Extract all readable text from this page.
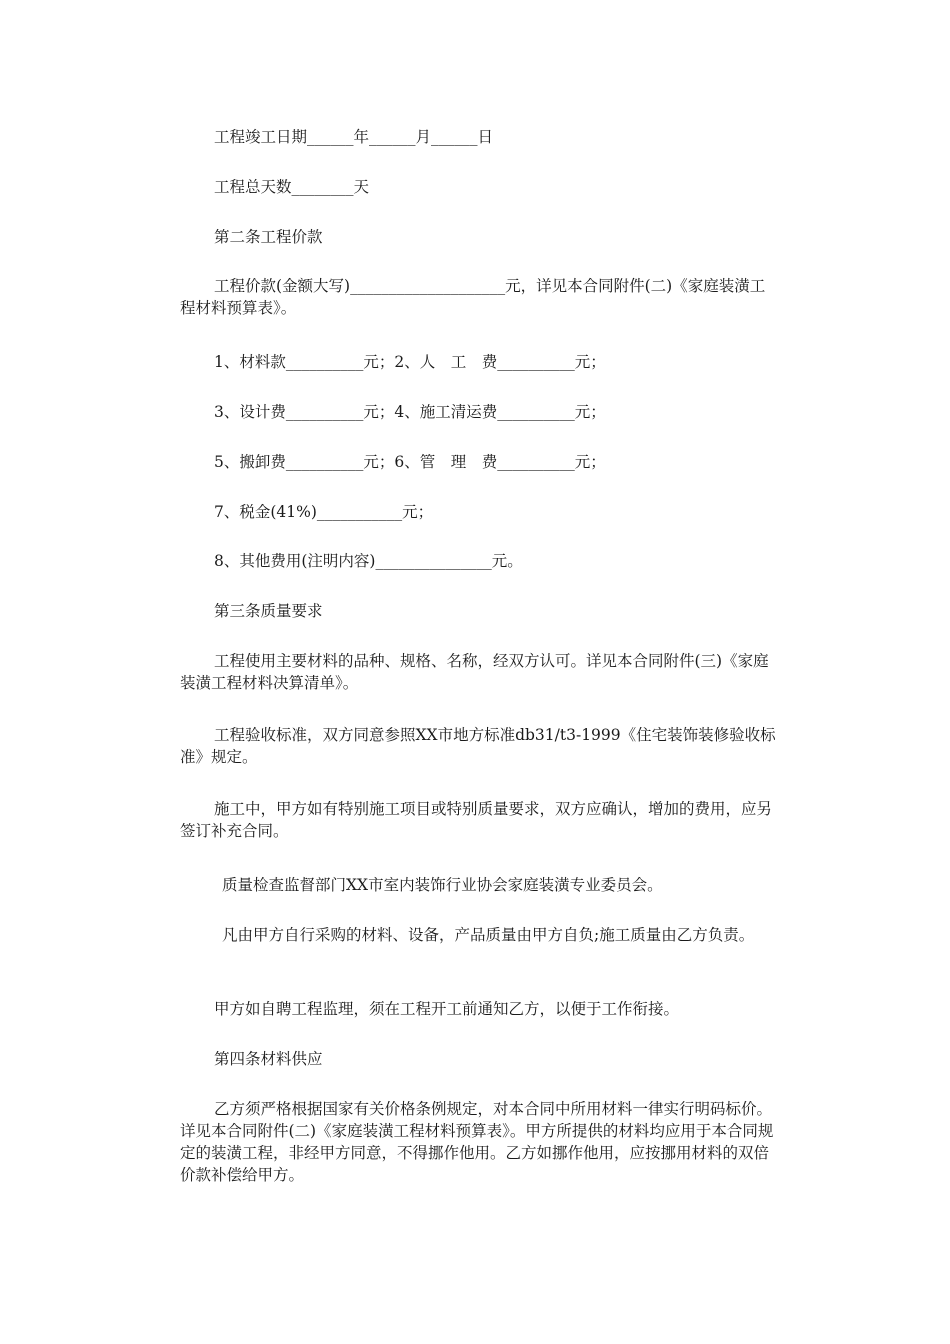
工程竣工日期______年______月______日

工程总天数________天

第二条工程价款

工程价款(金额大写)____________________元，详见本合同附件(二)《家庭装潢工程材料预算表》。

1、材料款__________元；2、人　工　费__________元；

3、设计费__________元；4、施工清运费__________元；

5、搬卸费__________元；6、管　理　费__________元；

7、税金(41%)___________元；

8、其他费用(注明内容)_______________元。

第三条质量要求

工程使用主要材料的品种、规格、名称，经双方认可。详见本合同附件(三)《家庭装潢工程材料决算清单》。

工程验收标准，双方同意参照XX市地方标准db31/t3-1999《住宅装饰装修验收标准》规定。

施工中，甲方如有特别施工项目或特别质量要求，双方应确认，增加的费用，应另签订补充合同。

质量检查监督部门XX市室内装饰行业协会家庭装潢专业委员会。

凡由甲方自行采购的材料、设备，产品质量由甲方自负;施工质量由乙方负责。

甲方如自聘工程监理，须在工程开工前通知乙方，以便于工作衔接。

第四条材料供应

乙方须严格根据国家有关价格条例规定，对本合同中所用材料一律实行明码标价。详见本合同附件(二)《家庭装潢工程材料预算表》。甲方所提供的材料均应用于本合同规定的装潢工程，非经甲方同意，不得挪作他用。乙方如挪作他用，应按挪用材料的双倍价款补偿给甲方。
